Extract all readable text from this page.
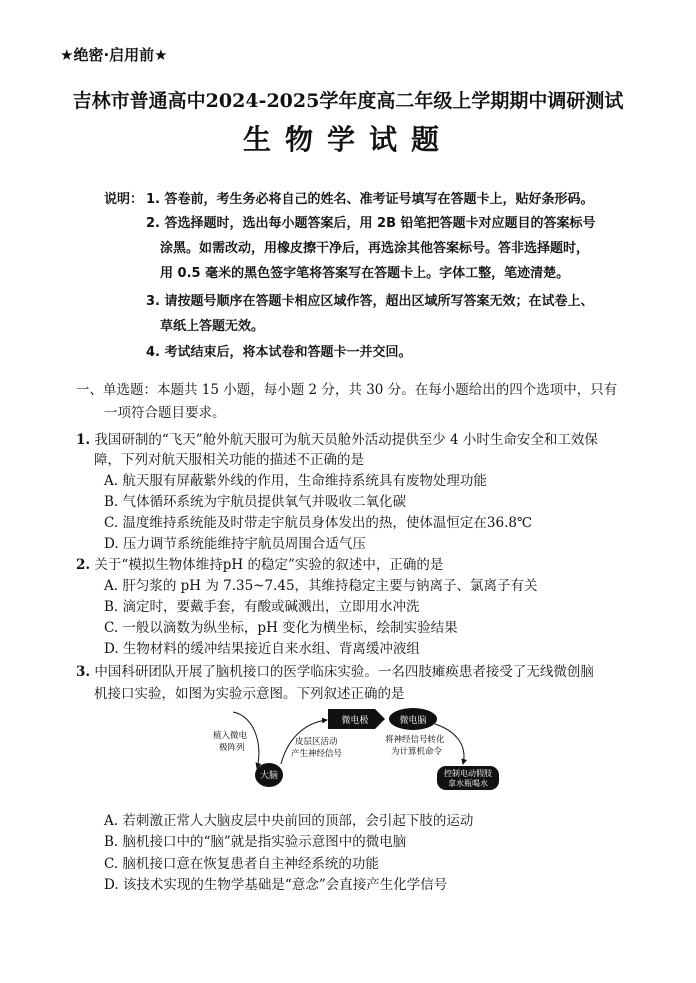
★绝密·启用前★
吉林市普通高中2024-2025学年度高二年级上学期期中调研测试
生物学试题
说明： 1. 答卷前，考生务必将自己的姓名、准考证号填写在答题卡上，贴好条形码。
2. 答选择题时，选出每小题答案后，用 2B 铅笔把答题卡对应题目的答案标号
涂黑。如需改动，用橡皮擦干净后，再选涂其他答案标号。答非选择题时，
用 0.5 毫米的黑色签字笔将答案写在答题卡上。字体工整，笔迹清楚。
3. 请按题号顺序在答题卡相应区域作答，超出区域所写答案无效；在试卷上、
草纸上答题无效。
4. 考试结束后，将本试卷和答题卡一并交回。
一、单选题：本题共 15 小题，每小题 2 分，共 30 分。在每小题给出的四个选项中，只有
一项符合题目要求。
1. 我国研制的“飞天”舱外航天服可为航天员舱外活动提供至少 4 小时生命安全和工效保
障，下列对航天服相关功能的描述不正确的是
A. 航天服有屏蔽紫外线的作用，生命维持系统具有废物处理功能
B. 气体循环系统为宇航员提供氧气并吸收二氧化碳
C. 温度维持系统能及时带走宇航员身体发出的热，使体温恒定在36.8℃
D. 压力调节系统能维持宇航员周围合适气压
2. 关于“模拟生物体维持pH 的稳定”实验的叙述中，正确的是
A. 肝匀浆的 pH 为 7.35~7.45，其维持稳定主要与钠离子、氯离子有关
B. 滴定时，要戴手套，有酸或碱溅出，立即用水冲洗
C. 一般以滴数为纵坐标，pH 变化为横坐标，绘制实验结果
D. 生物材料的缓冲结果接近自来水组、背离缓冲液组
3. 中国科研团队开展了脑机接口的医学临床实验。一名四肢瘫痪患者接受了无线微创脑
机接口实验，如图为实验示意图。下列叙述正确的是
植入微电
极阵列
大脑
皮层区活动
产生神经信号
微电极	微电脑
将神经信号转化
为计算机命令
控制电动假肢
拿水瓶喝水
A. 若刺激正常人大脑皮层中央前回的顶部，会引起下肢的运动
B. 脑机接口中的“脑”就是指实验示意图中的微电脑
C. 脑机接口意在恢复患者自主神经系统的功能
D. 该技术实现的生物学基础是“意念”会直接产生化学信号
